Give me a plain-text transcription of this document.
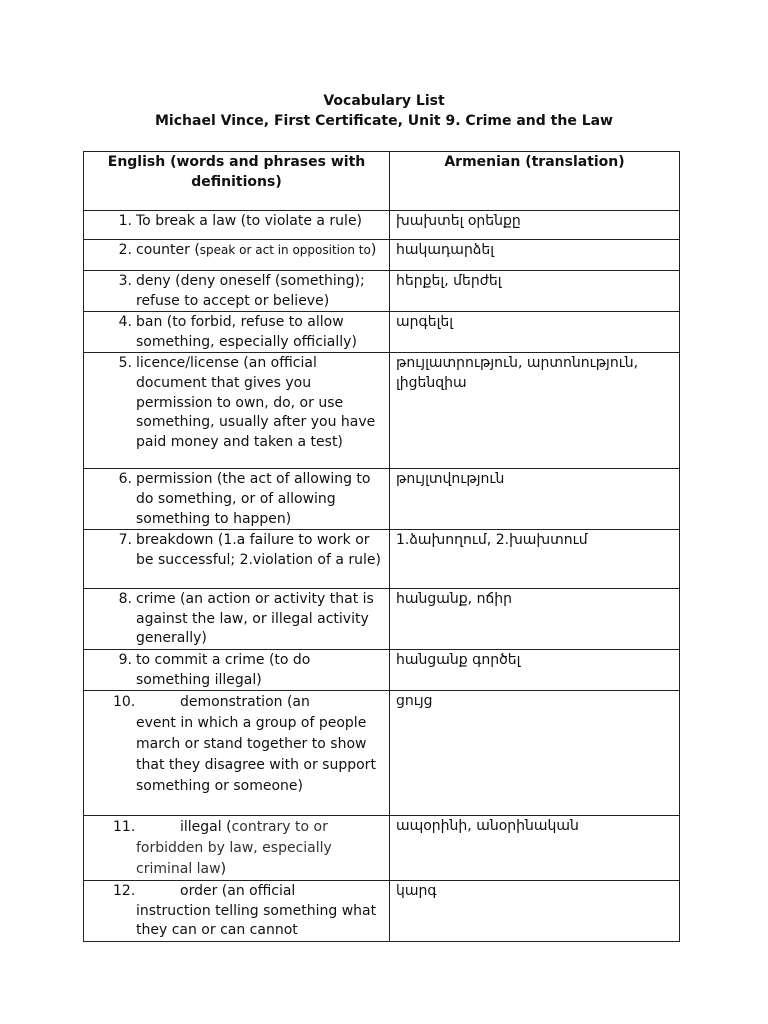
Vocabulary List
Michael Vince, First Certificate, Unit 9. Crime and the Law
English (words and phrases with definitions)	Armenian (translation)

1. To break a law (to violate a rule)	խախտել օրենքը

2. counter (speak or act in opposition to)	հակադարձել

3. deny (deny oneself (something); refuse to accept or believe)	հերքել, մերժել

4. ban (to forbid, refuse to allow something, especially officially)	արգելել

5. licence/license (an official document that gives you permission to own, do, or use something, usually after you have paid money and taken a test)	թույլատրություն, արտոնություն, լիցենզիա

6. permission (the act of allowing to do something, or of allowing something to happen)	թույլտվություն

7. breakdown (1.a failure to work or be successful; 2.violation of a rule)	1.ձախողում, 2.խախտում

8. crime (an action or activity that is against the law, or illegal activity generally)	հանցանք, ոճիր

9. to commit a crime (to do something illegal)	հանցանք գործել

10. demonstration (an
event in which a group of people march or stand together to show that they disagree with or support something or someone)	ցույց

11. illegal (contrary to or
forbidden by law, especially criminal law)	ապօրինի, անօրինական

12. order (an official
instruction telling something what they can or can cannot	կարգ
